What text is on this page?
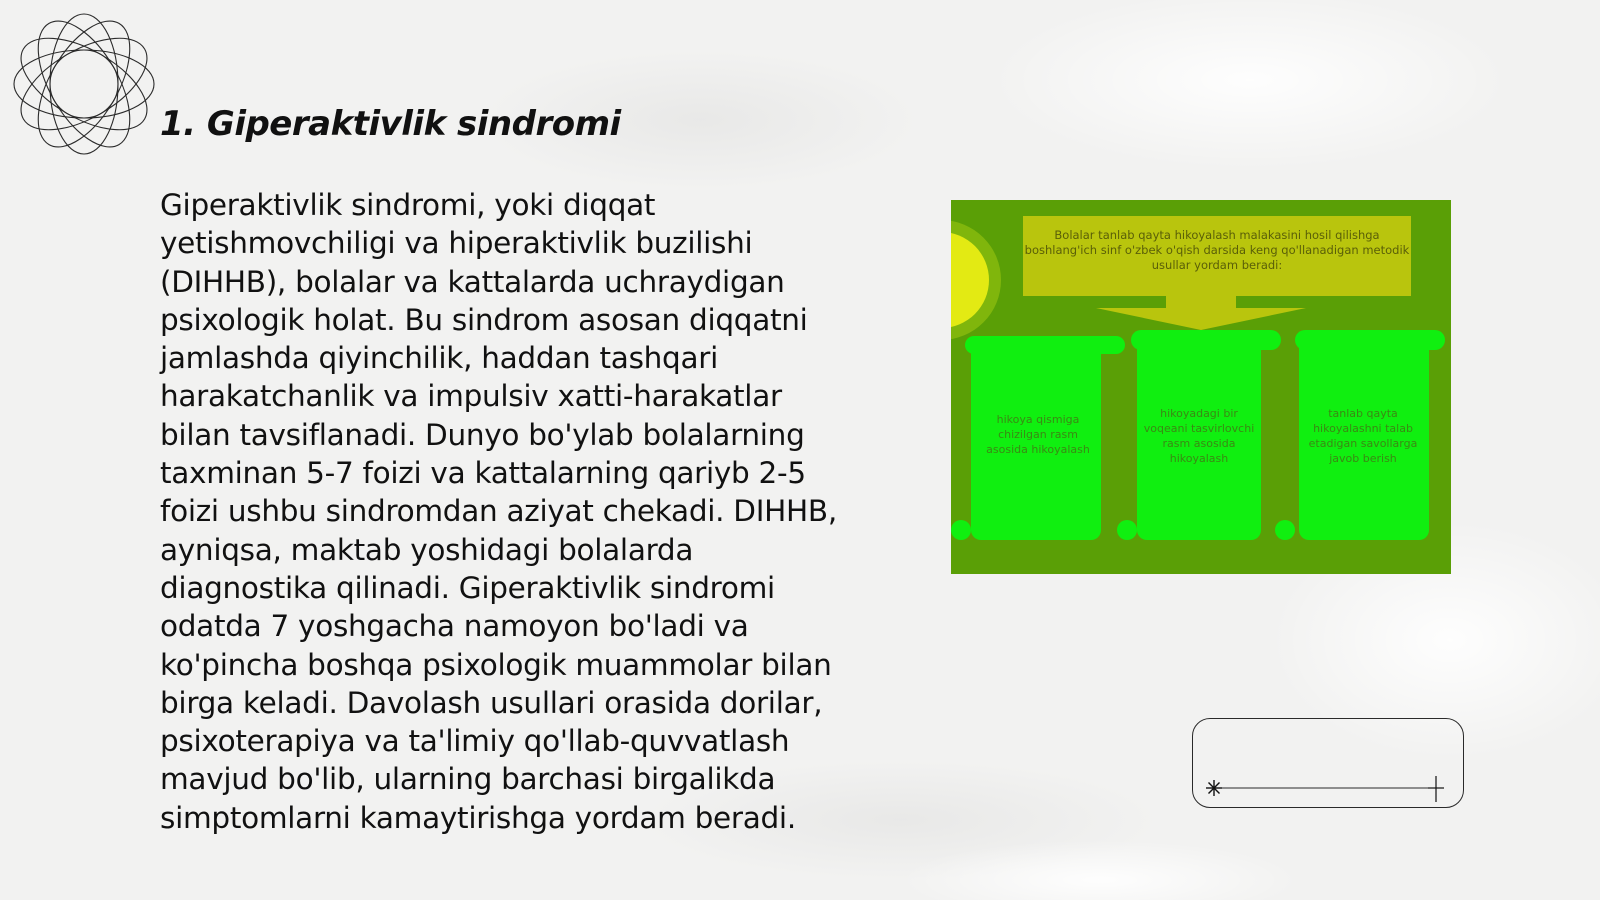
1. Giperaktivlik sindromi

Giperaktivlik sindromi, yoki diqqat yetishmovchiligi va hiperaktivlik buzilishi (DIHHB), bolalar va kattalarda uchraydigan psixologik holat. Bu sindrom asosan diqqatni jamlashda qiyinchilik, haddan tashqari harakatchanlik va impulsiv xatti-harakatlar bilan tavsiflanadi. Dunyo bo'ylab bolalarning taxminan 5-7 foizi va kattalarning qariyb 2-5 foizi ushbu sindromdan aziyat chekadi. DIHHB, ayniqsa, maktab yoshidagi bolalarda diagnostika qilinadi. Giperaktivlik sindromi odatda 7 yoshgacha namoyon bo'ladi va ko'pincha boshqa psixologik muammolar bilan birga keladi. Davolash usullari orasida dorilar, psixoterapiya va ta'limiy qo'llab-quvvatlash mavjud bo'lib, ularning barchasi birgalikda simptomlarni kamaytirishga yordam beradi.

Bolalar tanlab qayta hikoyalash malakasini hosil qilishga boshlang'ich sinf o'zbek o'qish darsida keng qo'llanadigan metodik usullar yordam beradi:
hikoya qismiga chizilgan rasm asosida hikoyalash
hikoyadagi bir voqeani tasvirlovchi rasm asosida hikoyalash
tanlab qayta hikoyalashni talab etadigan savollarga javob berish
